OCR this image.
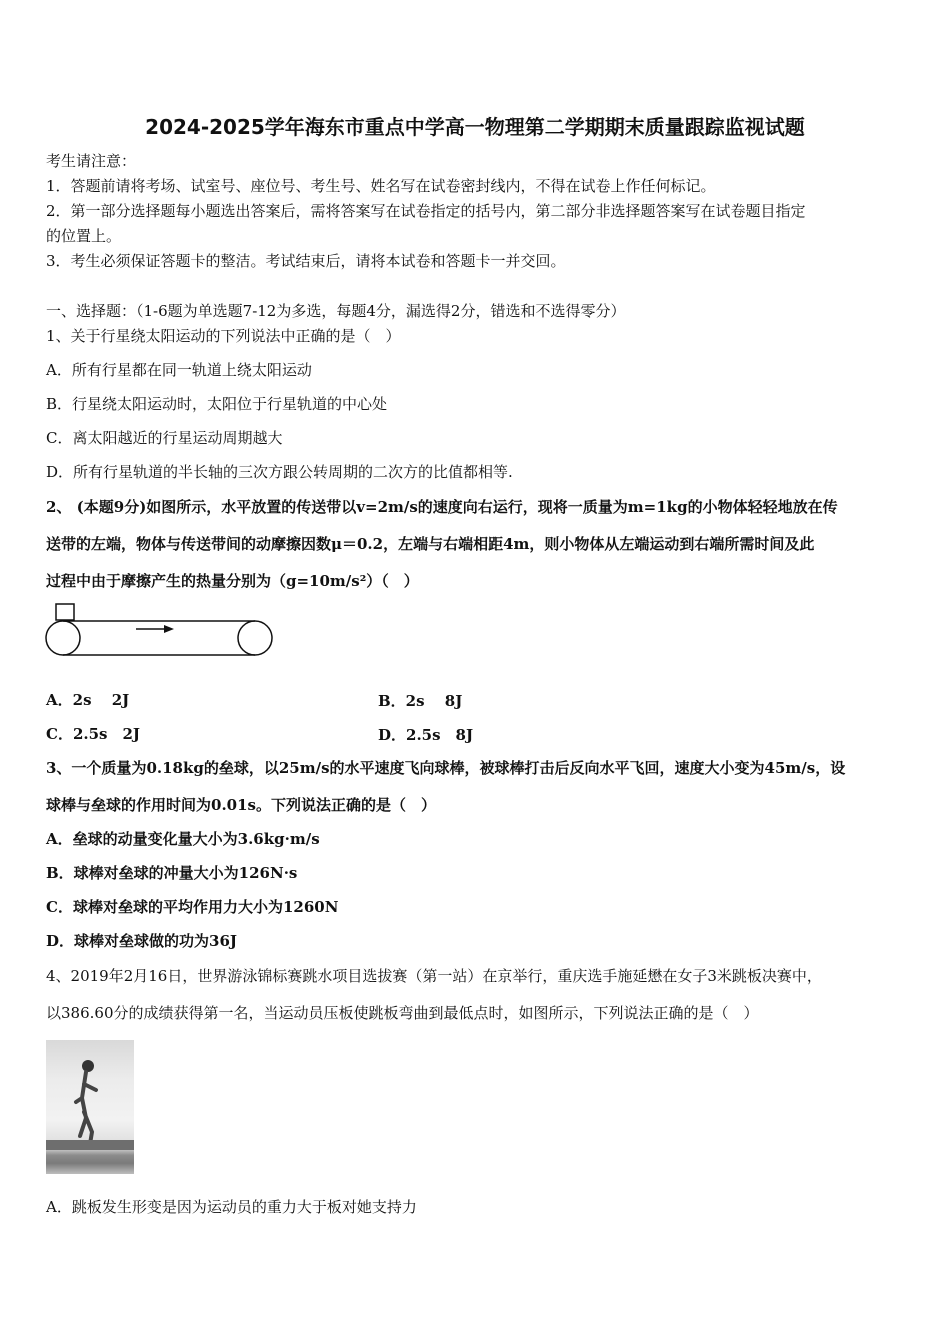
2024-2025学年海东市重点中学高一物理第二学期期末质量跟踪监视试题
考生请注意：
1．答题前请将考场、试室号、座位号、考生号、姓名写在试卷密封线内，不得在试卷上作任何标记。
2．第一部分选择题每小题选出答案后，需将答案写在试卷指定的括号内，第二部分非选择题答案写在试卷题目指定
的位置上。
3．考生必须保证答题卡的整洁。考试结束后，请将本试卷和答题卡一并交回。
一、选择题：（1-6题为单选题7-12为多选，每题4分，漏选得2分，错选和不选得零分）
1、关于行星绕太阳运动的下列说法中正确的是（　）
A．所有行星都在同一轨道上绕太阳运动
B．行星绕太阳运动时，太阳位于行星轨道的中心处
C．离太阳越近的行星运动周期越大
D．所有行星轨道的半长轴的三次方跟公转周期的二次方的比值都相等.
2、 (本题9分)如图所示，水平放置的传送带以v=2m/s的速度向右运行，现将一质量为m=1kg的小物体轻轻地放在传
送带的左端，物体与传送带间的动摩擦因数μ＝0.2，左端与右端相距4m，则小物体从左端运动到右端所需时间及此
过程中由于摩擦产生的热量分别为（g=10m/s²）（　）
A．2s　 2J	B．2s　 8J
C．2.5s　2J	D．2.5s　8J
3、一个质量为0.18kg的垒球，以25m/s的水平速度飞向球棒，被球棒打击后反向水平飞回，速度大小变为45m/s，设
球棒与垒球的作用时间为0.01s。下列说法正确的是（　）
A．垒球的动量变化量大小为3.6kg·m/s
B．球棒对垒球的冲量大小为126N·s
C．球棒对垒球的平均作用力大小为1260N
D．球棒对垒球做的功为36J
4、2019年2月16日，世界游泳锦标赛跳水项目选拔赛（第一站）在京举行，重庆选手施延懋在女子3米跳板决赛中，
以386.60分的成绩获得第一名，当运动员压板使跳板弯曲到最低点时，如图所示，下列说法正确的是（　）
A．跳板发生形变是因为运动员的重力大于板对她支持力
